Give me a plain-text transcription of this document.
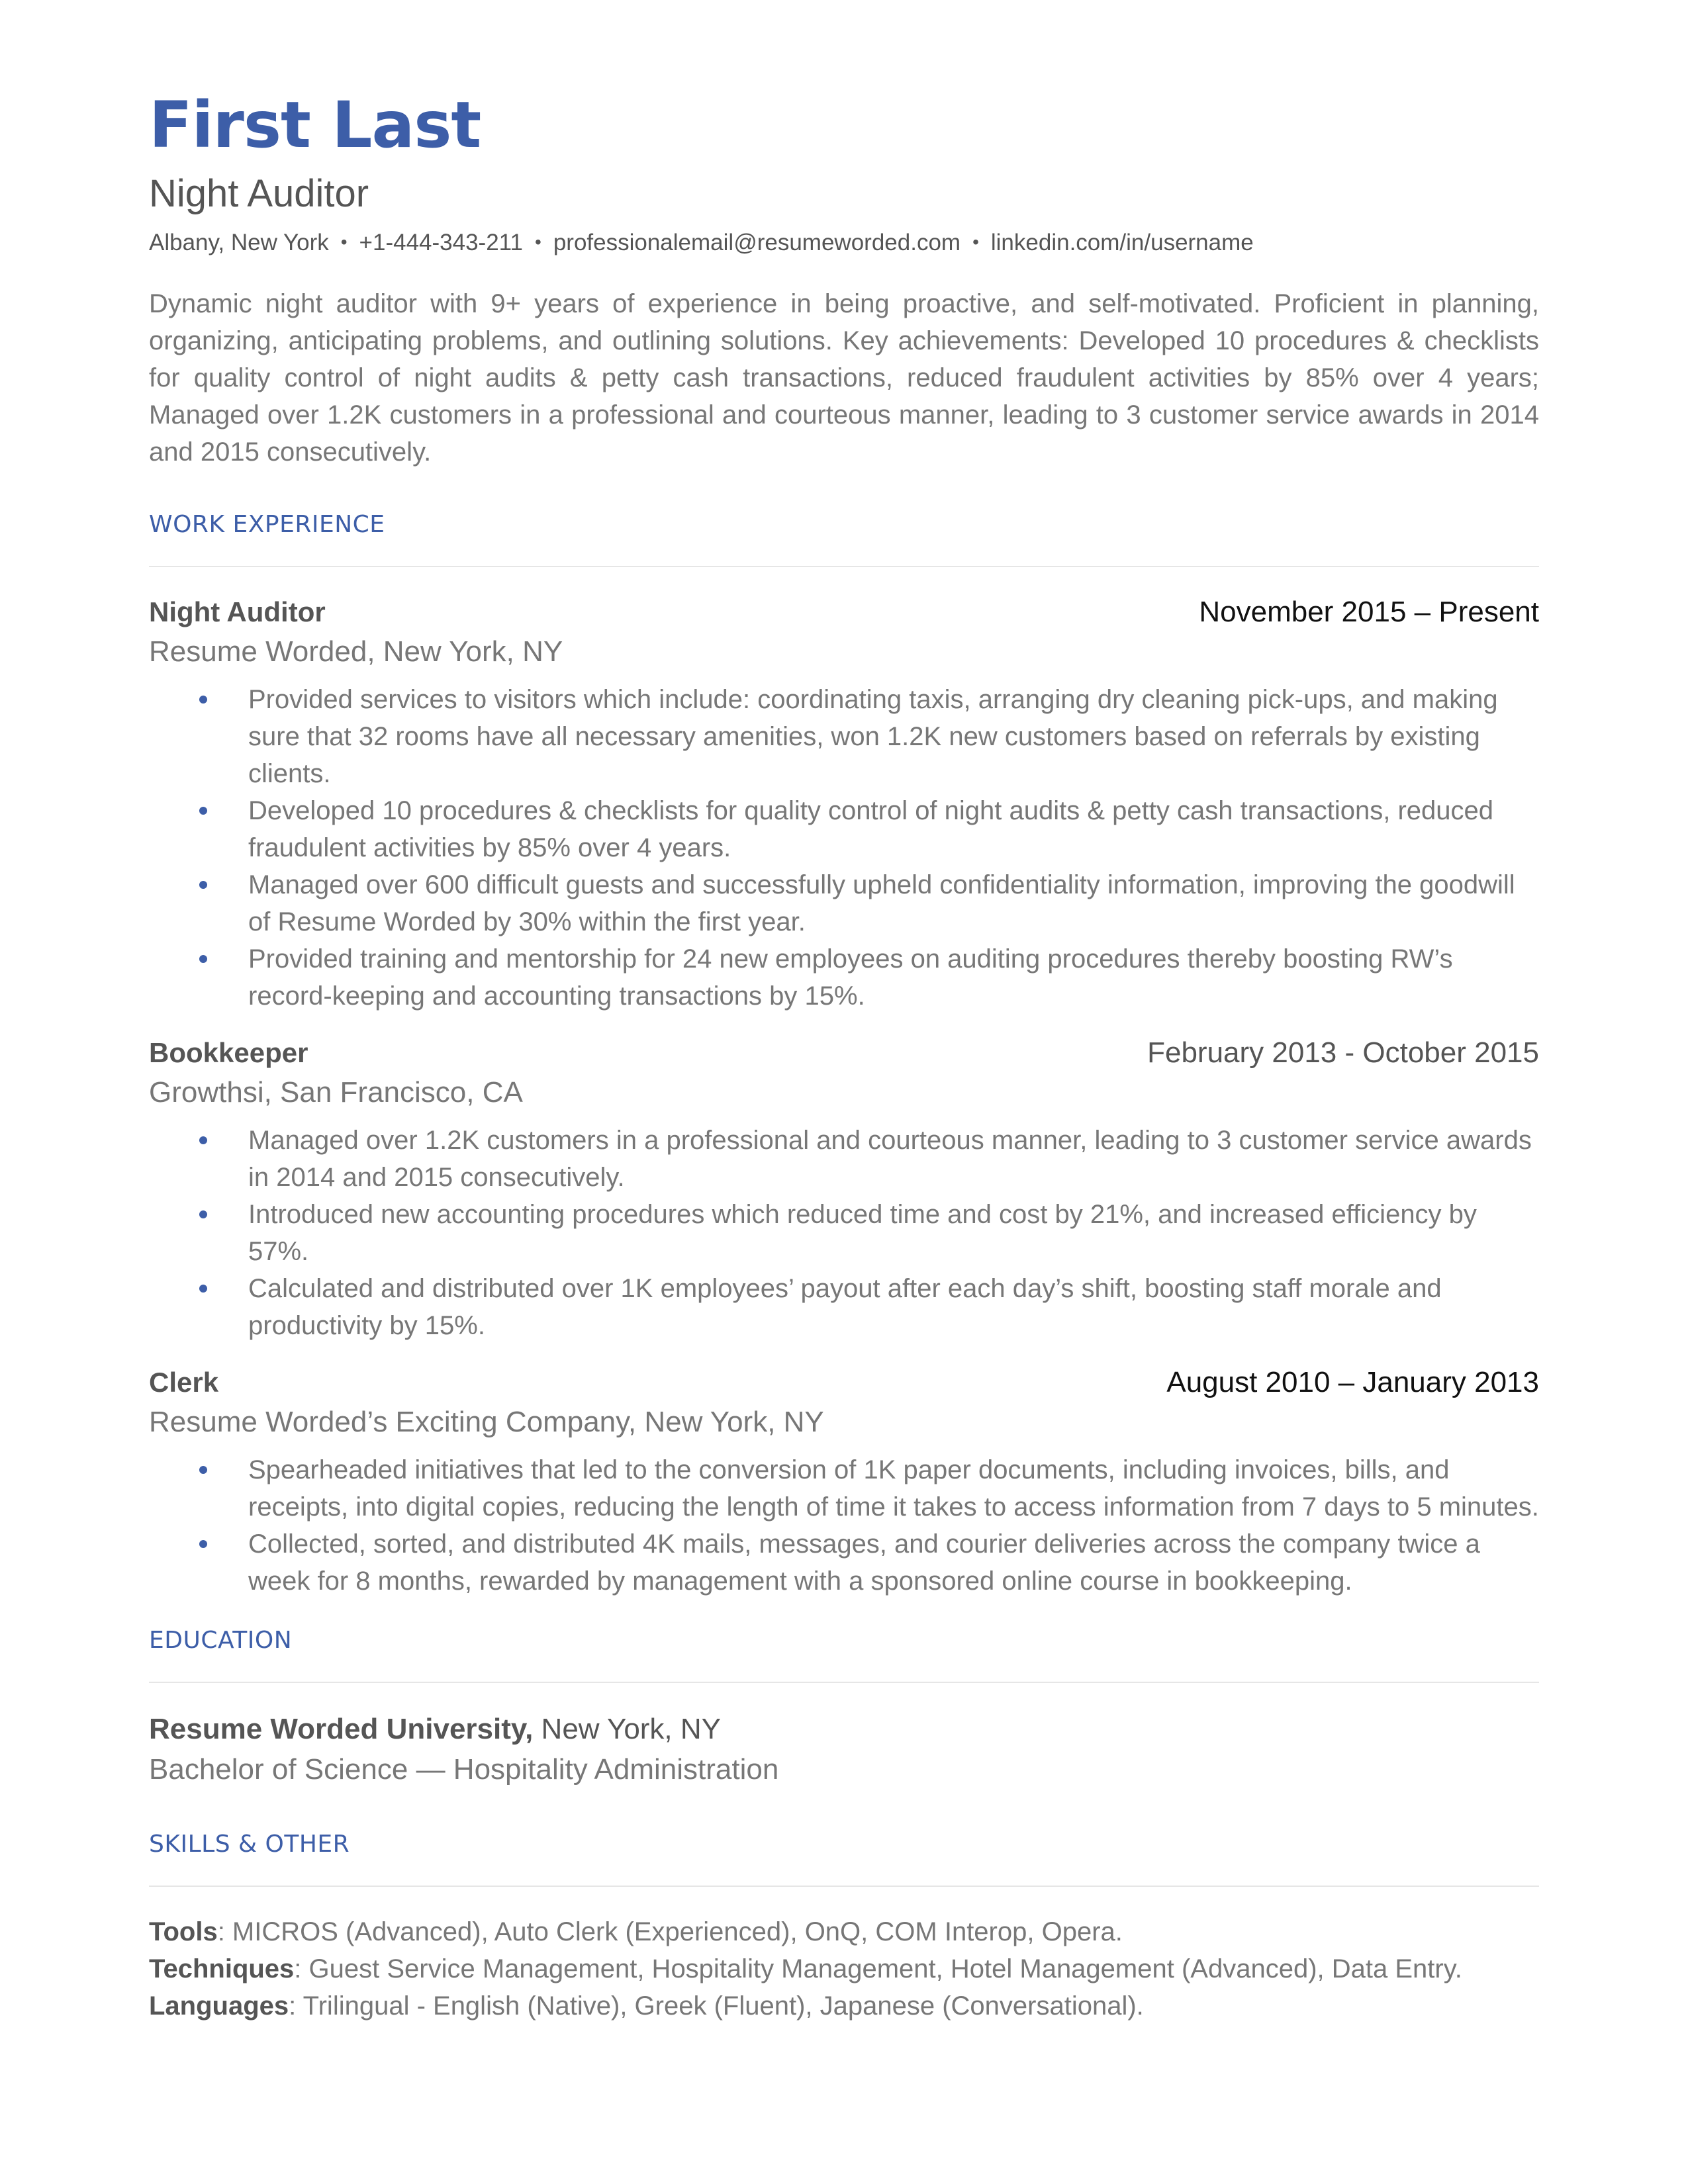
First Last
Night Auditor
Albany, New York • +1-444-343-211 • professionalemail@resumeworded.com • linkedin.com/in/username
Dynamic night auditor with 9+ years of experience in being proactive, and self-motivated. Proficient in planning, organizing, anticipating problems, and outlining solutions. Key achievements: Developed 10 procedures & checklists for quality control of night audits & petty cash transactions, reduced fraudulent activities by 85% over 4 years; Managed over 1.2K customers in a professional and courteous manner, leading to 3 customer service awards in 2014 and 2015 consecutively.
WORK EXPERIENCE
Night Auditor	November 2015 – Present
Resume Worded, New York, NY
Provided services to visitors which include: coordinating taxis, arranging dry cleaning pick-ups, and making sure that 32 rooms have all necessary amenities, won 1.2K new customers based on referrals by existing clients.
Developed 10 procedures & checklists for quality control of night audits & petty cash transactions, reduced fraudulent activities by 85% over 4 years.
Managed over 600 difficult guests and successfully upheld confidentiality information, improving the goodwill of Resume Worded by 30% within the first year.
Provided training and mentorship for 24 new employees on auditing procedures thereby boosting RW’s record-keeping and accounting transactions by 15%.
Bookkeeper	February 2013 - October 2015
Growthsi, San Francisco, CA
Managed over 1.2K customers in a professional and courteous manner, leading to 3 customer service awards in 2014 and 2015 consecutively.
Introduced new accounting procedures which reduced time and cost by 21%, and increased efficiency by 57%.
Calculated and distributed over 1K employees’ payout after each day’s shift, boosting staff morale and productivity by 15%.
Clerk	August 2010 – January 2013
Resume Worded’s Exciting Company, New York, NY
Spearheaded initiatives that led to the conversion of 1K paper documents, including invoices, bills, and receipts, into digital copies, reducing the length of time it takes to access information from 7 days to 5 minutes.
Collected, sorted, and distributed 4K mails, messages, and courier deliveries across the company twice a week for 8 months, rewarded by management with a sponsored online course in bookkeeping.
EDUCATION
Resume Worded University, New York, NY
Bachelor of Science — Hospitality Administration
SKILLS & OTHER
Tools: MICROS (Advanced), Auto Clerk (Experienced), OnQ, COM Interop, Opera.
Techniques: Guest Service Management, Hospitality Management, Hotel Management (Advanced), Data Entry.
Languages: Trilingual - English (Native), Greek (Fluent), Japanese (Conversational).
